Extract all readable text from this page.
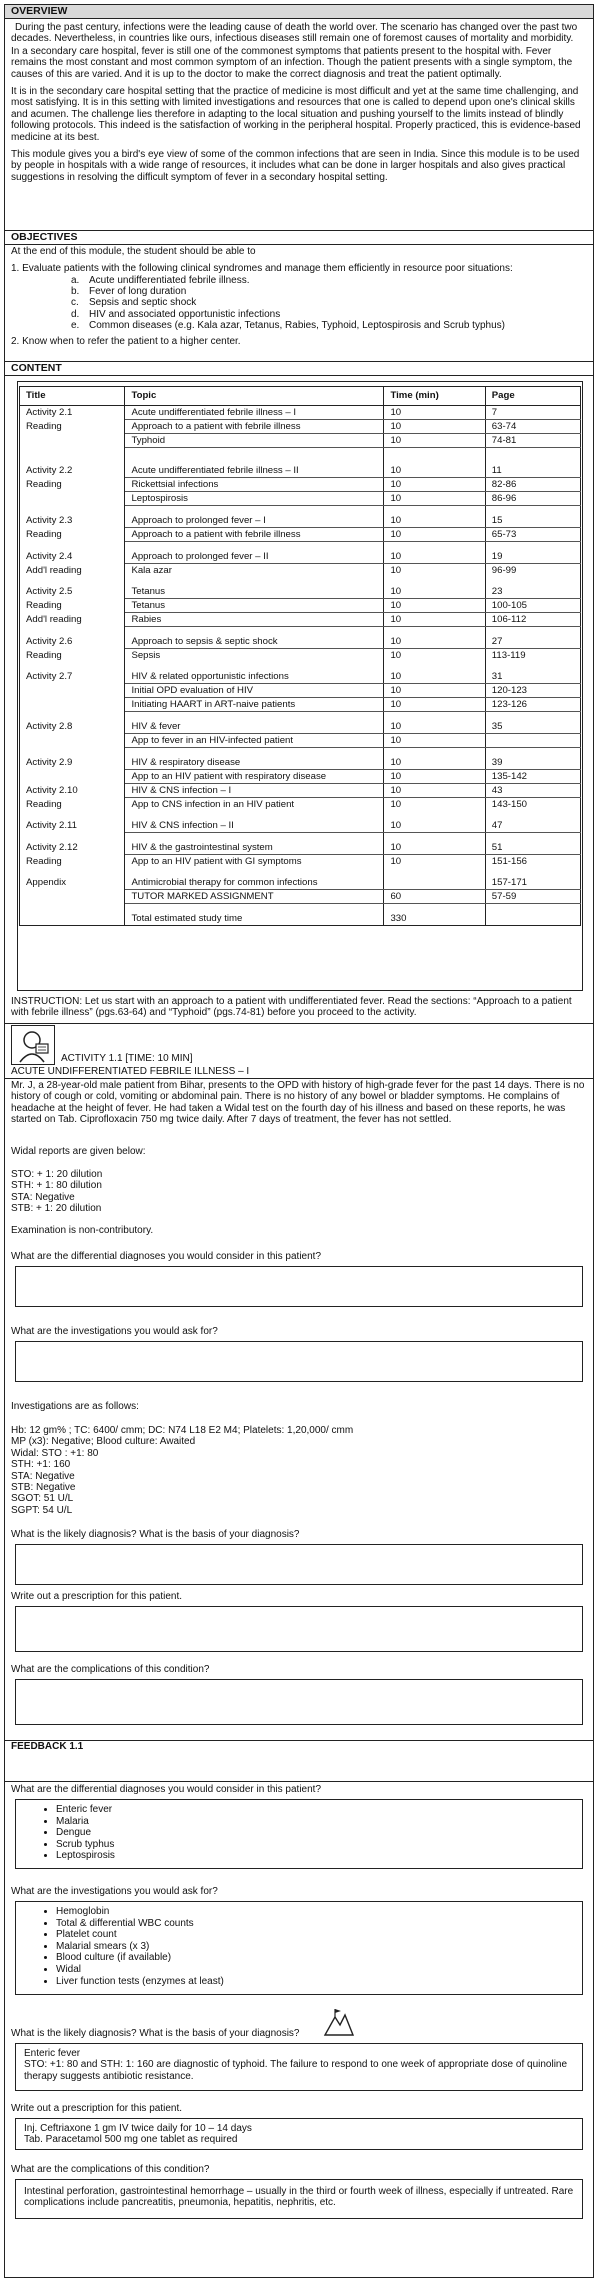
OVERVIEW

During the past century, infections were the leading cause of death the world over. The scenario has changed over the past two decades. Nevertheless, in countries like ours, infectious diseases still remain one of foremost causes of mortality and morbidity.

In a secondary care hospital, fever is still one of the commonest symptoms that patients present to the hospital with. Fever remains the most constant and most common symptom of an infection. Though the patient presents with a single symptom, the causes of this are varied. And it is up to the doctor to make the correct diagnosis and treat the patient optimally.

It is in the secondary care hospital setting that the practice of medicine is most difficult and yet at the same time challenging, and most satisfying. It is in this setting with limited investigations and resources that one is called to depend upon one's clinical skills and acumen. The challenge lies therefore in adapting to the local situation and pushing yourself to the limits instead of blindly following protocols. This indeed is the satisfaction of working in the peripheral hospital. Properly practiced, this is evidence-based medicine at its best.

This module gives you a bird's eye view of some of the common infections that are seen in India. Since this module is to be used by people in hospitals with a wide range of resources, it includes what can be done in larger hospitals and also gives practical suggestions in resolving the difficult symptom of fever in a secondary hospital setting.

OBJECTIVES
At the end of this module, the student should be able to
1. Evaluate patients with the following clinical syndromes and manage them efficiently in resource poor situations:
a. Acute undifferentiated febrile illness.
b. Fever of long duration
c. Sepsis and septic shock
d. HIV and associated opportunistic infections
e. Common diseases (e.g. Kala azar, Tetanus, Rabies, Typhoid, Leptospirosis and Scrub typhus)
2. Know when to refer the patient to a higher center.
CONTENT
Title	Topic	Time (min)	Page
Activity 2.1	Acute undifferentiated febrile illness – I	10	7
Reading	Approach to a patient with febrile illness	10	63-74
	Typhoid	10	74-81

Activity 2.2	Acute undifferentiated febrile illness – II	10	11
Reading	Rickettsial infections	10	82-86
	Leptospirosis	10	86-96

Activity 2.3	Approach to prolonged fever – I	10	15
Reading	Approach to a patient with febrile illness	10	65-73

Activity 2.4	Approach to prolonged fever – II	10	19
Add'l reading	Kala azar	10	96-99

Activity 2.5	Tetanus	10	23
Reading	Tetanus	10	100-105
Add'l reading	Rabies	10	106-112

Activity 2.6	Approach to sepsis & septic shock	10	27
Reading	Sepsis	10	113-119

Activity 2.7	HIV & related opportunistic infections	10	31
	Initial OPD evaluation of HIV	10	120-123
	Initiating HAART in ART-naive patients	10	123-126

Activity 2.8	HIV & fever	10	35
	App to fever in an HIV-infected patient	10	

Activity 2.9	HIV & respiratory disease	10	39
	App to an HIV patient with respiratory disease	10	135-142
Activity 2.10	HIV & CNS infection – I	10	43
Reading	App to CNS infection in an HIV patient	10	143-150

Activity 2.11	HIV & CNS infection – II	10	47

Activity 2.12	HIV & the gastrointestinal system	10	51
Reading	App to an HIV patient with GI symptoms	10	151-156

Appendix	Antimicrobial therapy for common infections		157-171
	TUTOR MARKED ASSIGNMENT	60	57-59

	Total estimated study time	330	
INSTRUCTION: Let us start with an approach to a patient with undifferentiated fever. Read the sections: “Approach to a patient with febrile illness” (pgs.63-64) and “Typhoid” (pgs.74-81) before you proceed to the activity.
ACTIVITY 1.1 [TIME: 10 MIN]
ACUTE UNDIFFERENTIATED FEBRILE ILLNESS – I
Mr. J, a 28-year-old male patient from Bihar, presents to the OPD with history of high-grade fever for the past 14 days. There is no history of cough or cold, vomiting or abdominal pain. There is no history of any bowel or bladder symptoms. He complains of headache at the height of fever. He had taken a Widal test on the fourth day of his illness and based on these reports, he was started on Tab. Ciprofloxacin 750 mg twice daily. After 7 days of treatment, the fever has not settled.
Widal reports are given below:
STO: + 1: 20 dilution
STH: + 1: 80 dilution
STA: Negative
STB: + 1: 20 dilution
Examination is non-contributory.
What are the differential diagnoses you would consider in this patient?
What are the investigations you would ask for?
Investigations are as follows:
Hb: 12 gm% ; TC: 6400/ cmm; DC: N74 L18 E2 M4; Platelets: 1,20,000/ cmm
MP (x3): Negative; Blood culture: Awaited
Widal: STO : +1: 80
STH: +1: 160
STA: Negative
STB: Negative
SGOT: 51 U/L
SGPT: 54 U/L
What is the likely diagnosis? What is the basis of your diagnosis?
Write out a prescription for this patient.
What are the complications of this condition?
FEEDBACK 1.1
What are the differential diagnoses you would consider in this patient?
• Enteric fever
• Malaria
• Dengue
• Scrub typhus
• Leptospirosis
What are the investigations you would ask for?
• Hemoglobin
• Total & differential WBC counts
• Platelet count
• Malarial smears (x 3)
• Blood culture (if available)
• Widal
• Liver function tests (enzymes at least)
What is the likely diagnosis? What is the basis of your diagnosis?
Enteric fever
STO: +1: 80 and STH: 1: 160 are diagnostic of typhoid. The failure to respond to one week of appropriate dose of quinoline therapy suggests antibiotic resistance.
Write out a prescription for this patient.
Inj. Ceftriaxone 1 gm IV twice daily for 10 – 14 days
Tab. Paracetamol 500 mg one tablet as required
What are the complications of this condition?
Intestinal perforation, gastrointestinal hemorrhage – usually in the third or fourth week of illness, especially if untreated. Rare complications include pancreatitis, pneumonia, hepatitis, nephritis, etc.
